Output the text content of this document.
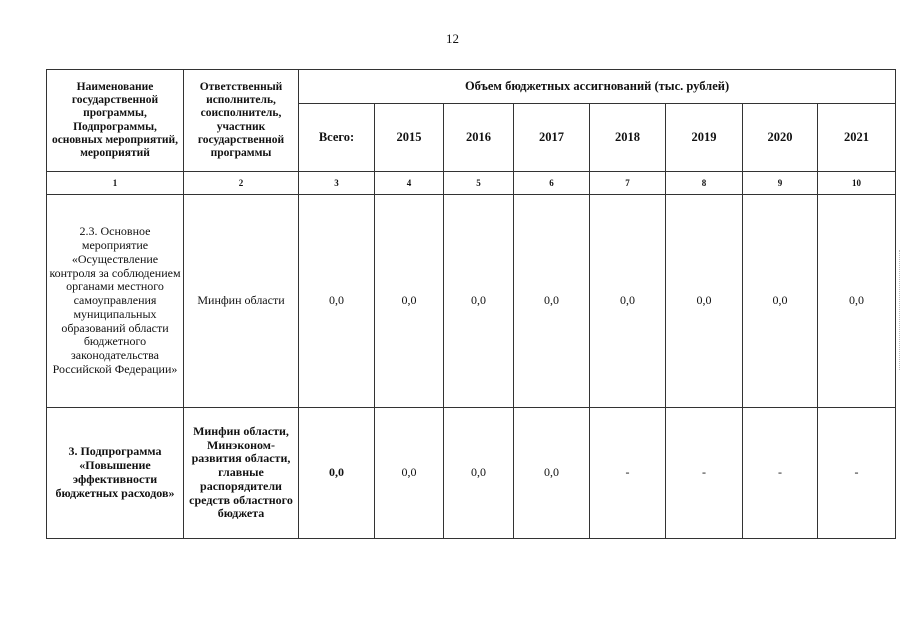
12
Наименование государственной программы, Подпрограммы, основных мероприятий, мероприятий	Ответственный исполнитель, соисполнитель, участник государственной программы	Объем бюджетных ассигнований (тыс. рублей)							
		Всего:	2015	2016	2017	2018	2019	2020	2021
1	2	3	4	5	6	7	8	9	10
2.3. Основное мероприятие «Осуществление контроля за соблюдением органами местного самоуправления муниципальных образований области бюджетного законодательства Российской Федерации»	Минфин области	0,0	0,0	0,0	0,0	0,0	0,0	0,0	0,0
3. Подпрограмма «Повышение эффективности бюджетных расходов»	Минфин области, Минэконом-развития области, главные распорядители средств областного бюджета	0,0	0,0	0,0	0,0	-	-	-	-
